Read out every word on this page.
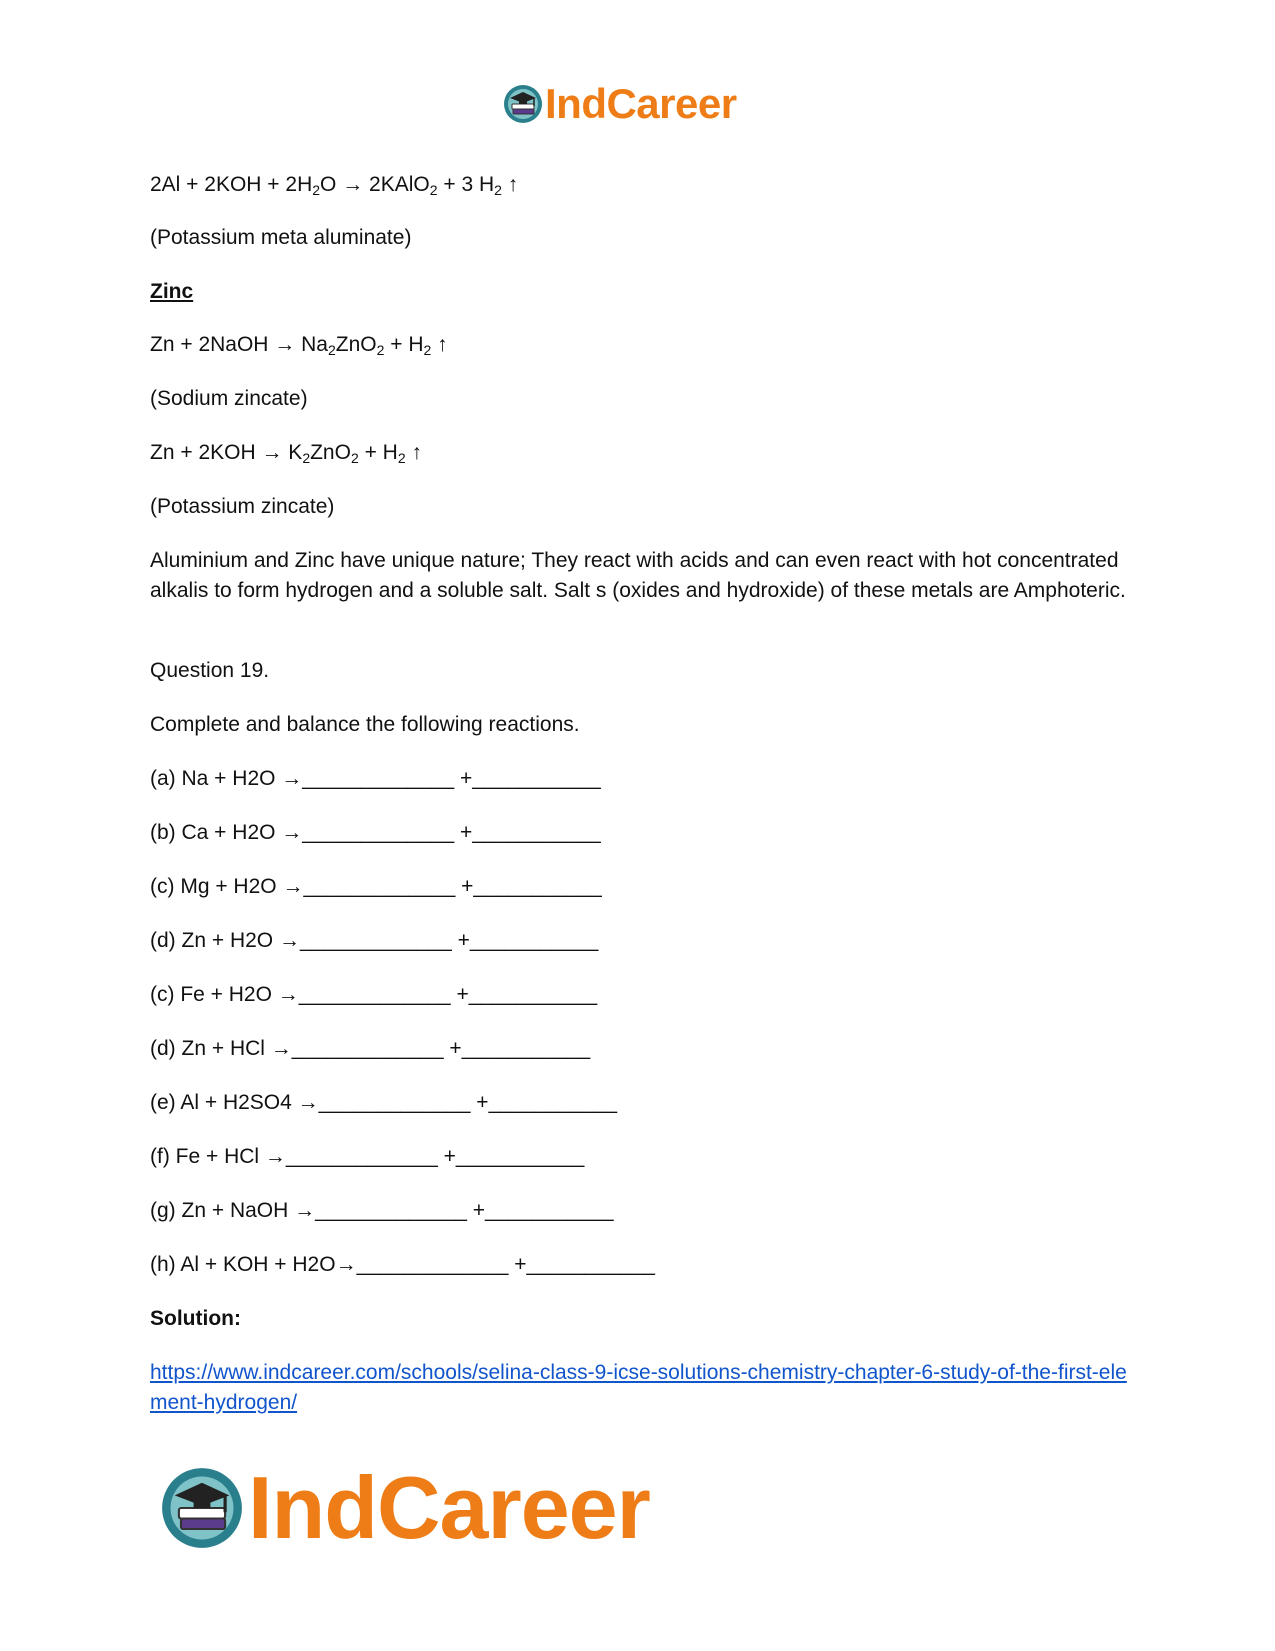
IndCareer
$2Al + 2KOH + 2H_2O$ → 2KAlO$_2$ + 3 $H_2$ ↑
(Potassium meta aluminate)
Zinc
Zn + 2NaOH → $Na_2ZnO_2 + H_2$ ↑
(Sodium zincate)
$Zn + 2KOH \to K_2ZnO_2 + H_2$ ↑
(Potassium zincate)
Aluminium and Zinc have unique nature; They react with acids and can even react with hot concentrated alkalis to form hydrogen and a soluble salt. Salt s (oxides and hydroxide) of these metals are Amphoteric.
Question 19.
Complete and balance the following reactions.
(a) Na + H2O →_____________ +___________
(b) Ca + H2O →_____________ +___________
(c) Mg + H2O →_____________ +___________
(d) Zn + H2O →_____________ +___________
(c) Fe + H2O →_____________ +___________
(d) Zn + HCl →_____________ +___________
(e) Al + H2SO4 →_____________ +___________
(f) Fe + HCl →_____________ +___________
(g) Zn + NaOH →_____________ +___________
(h) Al + KOH + H2O→_____________ +___________
Solution:
https://www.indcareer.com/schools/selina-class-9-icse-solutions-chemistry-chapter-6-study-of-the-first-element-hydrogen/
IndCareer
